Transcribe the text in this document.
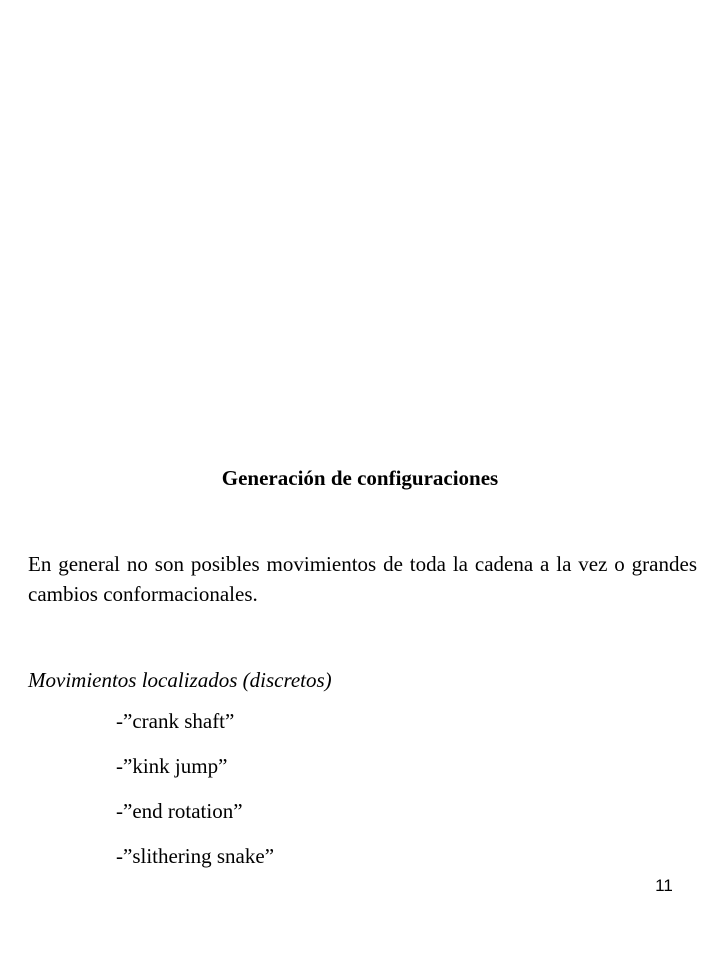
Generación de configuraciones
En general no son posibles movimientos de toda la cadena a la vez o grandes cambios conformacionales.
Movimientos localizados (discretos)
-”crank shaft”
-”kink jump”
-”end rotation”
-”slithering snake”
11
